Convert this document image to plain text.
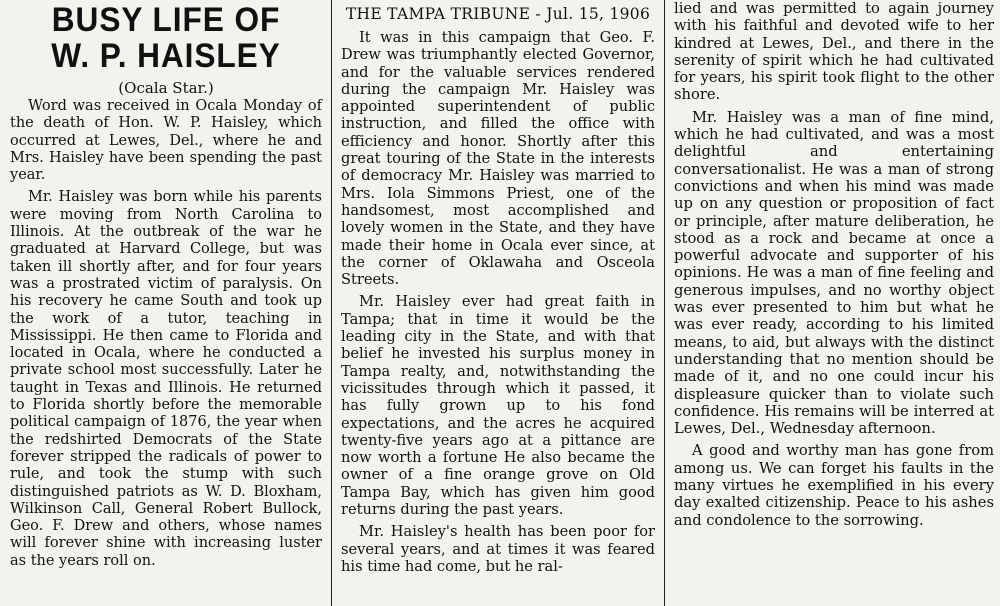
BUSY LIFE OF
W. P. HAISLEY
(Ocala Star.)

Word was received in Ocala Monday of the death of Hon. W. P. Haisley, which occurred at Lewes, Del., where he and Mrs. Haisley have been spending the past year.

Mr. Haisley was born while his parents were moving from North Carolina to Illinois. At the outbreak of the war he graduated at Harvard College, but was taken ill shortly after, and for four years was a prostrated victim of paralysis. On his recovery he came South and took up the work of a tutor, teaching in Mississippi. He then came to Florida and located in Ocala, where he conducted a private school most successfully. Later he taught in Texas and Illinois. He returned to Florida shortly before the memorable political campaign of 1876, the year when the redshirted Democrats of the State forever stripped the radicals of power to rule, and took the stump with such distinguished patriots as W. D. Bloxham, Wilkinson Call, General Robert Bullock, Geo. F. Drew and others, whose names will forever shine with increasing luster as the years roll on.

THE TAMPA TRIBUNE - Jul. 15, 1906

It was in this campaign that Geo. F. Drew was triumphantly elected Governor, and for the valuable services rendered during the campaign Mr. Haisley was appointed superintendent of public instruction, and filled the office with efficiency and honor. Shortly after this great touring of the State in the interests of democracy Mr. Haisley was married to Mrs. Iola Simmons Priest, one of the handsomest, most accomplished and lovely women in the State, and they have made their home in Ocala ever since, at the corner of Oklawaha and Osceola Streets.

Mr. Haisley ever had great faith in Tampa; that in time it would be the leading city in the State, and with that belief he invested his surplus money in Tampa realty, and, notwithstanding the vicissitudes through which it passed, it has fully grown up to his fond expectations, and the acres he acquired twenty-five years ago at a pittance are now worth a fortune He also became the owner of a fine orange grove on Old Tampa Bay, which has given him good returns during the past years.

Mr. Haisley's health has been poor for several years, and at times it was feared his time had come, but he ral-

lied and was permitted to again journey with his faithful and devoted wife to her kindred at Lewes, Del., and there in the serenity of spirit which he had cultivated for years, his spirit took flight to the other shore.

Mr. Haisley was a man of fine mind, which he had cultivated, and was a most delightful and entertaining conversationalist. He was a man of strong convictions and when his mind was made up on any question or proposition of fact or principle, after mature deliberation, he stood as a rock and became at once a powerful advocate and supporter of his opinions. He was a man of fine feeling and generous impulses, and no worthy object was ever presented to him but what he was ever ready, according to his limited means, to aid, but always with the distinct understanding that no mention should be made of it, and no one could incur his displeasure quicker than to violate such confidence. His remains will be interred at Lewes, Del., Wednesday afternoon.

A good and worthy man has gone from among us. We can forget his faults in the many virtues he exemplified in his every day exalted citizenship. Peace to his ashes and condolence to the sorrowing.
